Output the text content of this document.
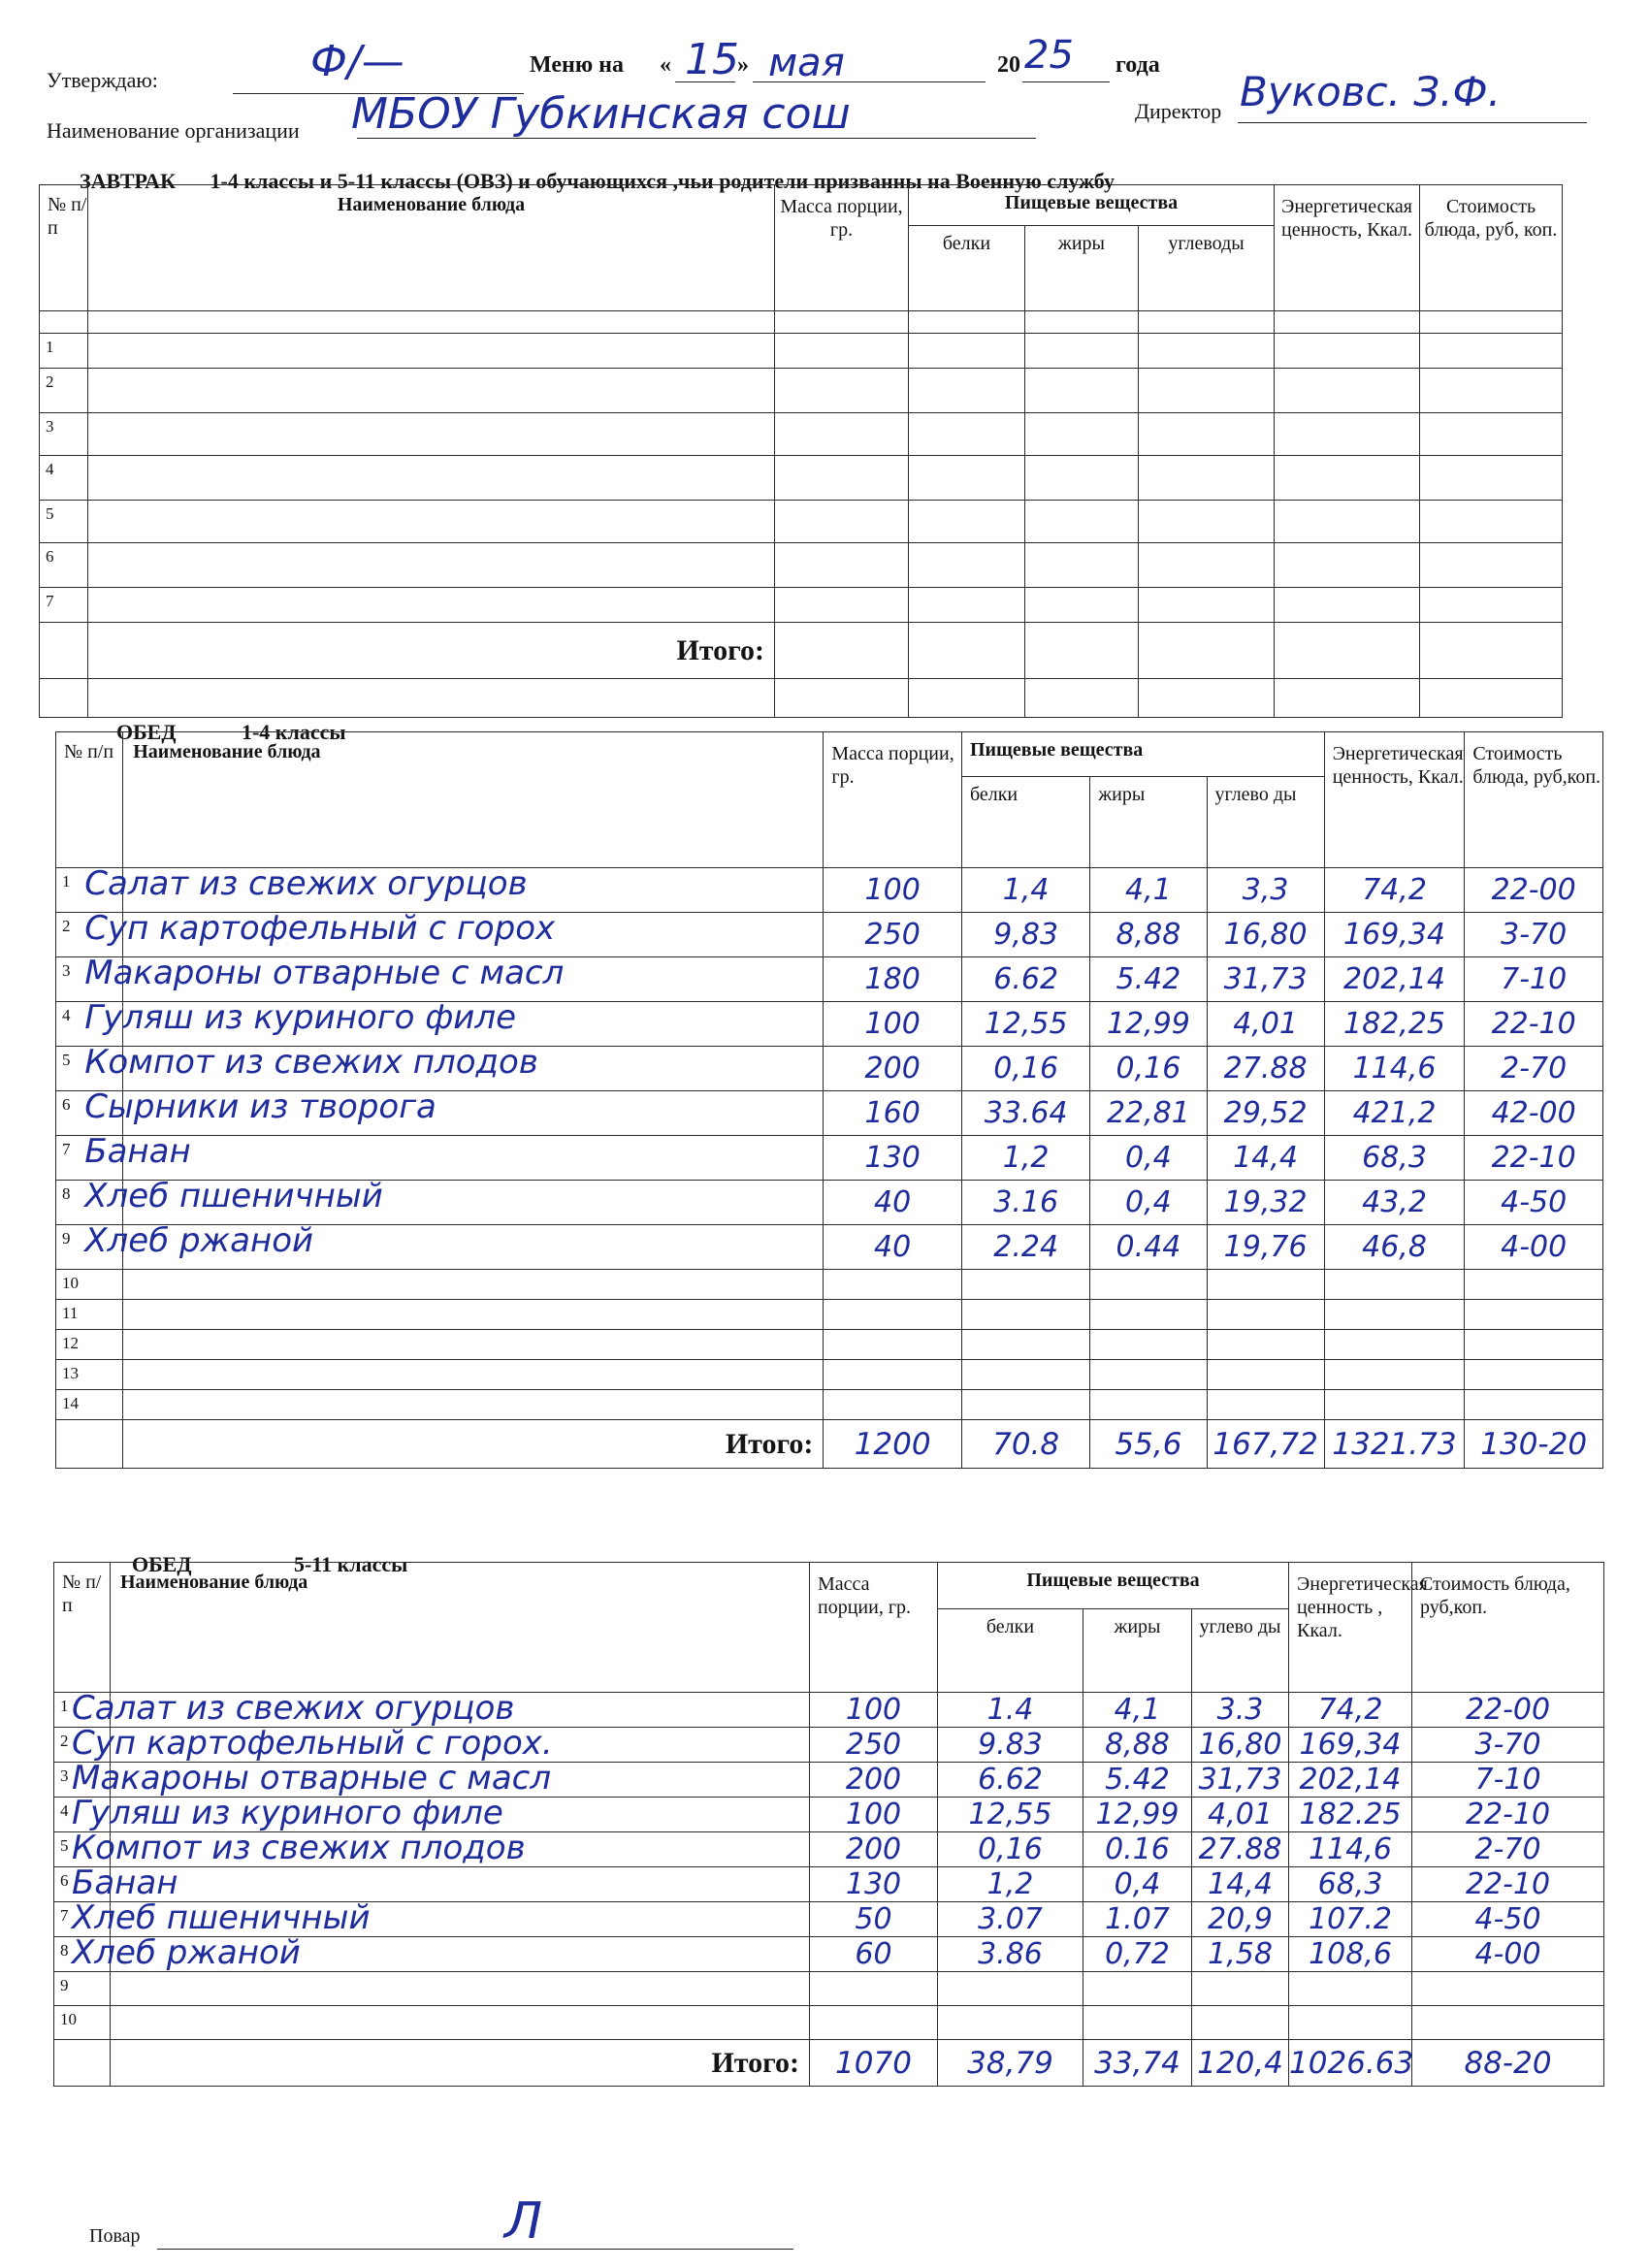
Утверждаю:	Ф/—	Меню на « 15
» мая	20 25 года
Наименование организации МБОУ Губкинская сош	Директор Вуковс. З.Ф.
ЗАВТРАК 1-4 классы и 5-11 классы (ОВЗ) и обучающихся ,чьи родители призванны на Военную службу
№ п/п	Наименование блюда	Масса порции, гр.	Пищевые вещества			Энергетическая ценность, Ккал.	Стоимость блюда, руб, коп.
			белки	жиры	углеводы		

1							
2							
3							
4							
5							
6							
7							
	Итого:						

ОБЕД	1-4 классы
№ п/п	Наименование блюда	Масса порции, гр.	Пищевые вещества			Энергетическая ценность, Ккал.	Стоимость блюда, руб,коп.
			белки	жиры	углево ды		
1	Салат из свежих огурцов	100	1,4	4,1	3,3	74,2	22-00
2	Суп картофельный с горох	250	9,83	8,88	16,80	169,34	3-70
3	Макароны отварные с масл	180	6.62	5.42	31,73	202,14	7-10
4	Гуляш из куриного филе	100	12,55	12,99	4,01	182,25	22-10
5	Компот из свежих плодов	200	0,16	0,16	27.88	114,6	2-70
6	Сырники из творога	160	33.64	22,81	29,52	421,2	42-00
7	Банан	130	1,2	0,4	14,4	68,3	22-10
8	Хлеб пшеничный	40	3.16	0,4	19,32	43,2	4-50
9	Хлеб ржаной	40	2.24	0.44	19,76	46,8	4-00
10							
11							
12							
13							
14							
	Итого:	1200	70.8	55,6	167,72	1321.73	130-20
ОБЕД	5-11 классы
№ п/п	Наименование блюда	Масса порции, гр.	Пищевые вещества			Энергетическая ценность , Ккал.	Стоимость блюда, руб,коп.
			белки	жиры	углево ды		
1	Салат из свежих огурцов	100	1.4	4,1	3.3	74,2	22-00
2	Суп картофельный с горох.	250	9.83	8,88	16,80	169,34	3-70
3	Макароны отварные с масл	200	6.62	5.42	31,73	202,14	7-10
4	Гуляш из куриного филе	100	12,55	12,99	4,01	182.25	22-10
5	Компот из свежих плодов	200	0,16	0.16	27.88	114,6	2-70
6	Банан	130	1,2	0,4	14,4	68,3	22-10
7	Хлеб пшеничный	50	3.07	1.07	20,9	107.2	4-50
8	Хлеб ржаной	60	3.86	0,72	1,58	108,6	4-00
9							
10							
	Итого:	1070	38,79	33,74	120,4	1026.63	88-20
Повар	Л
